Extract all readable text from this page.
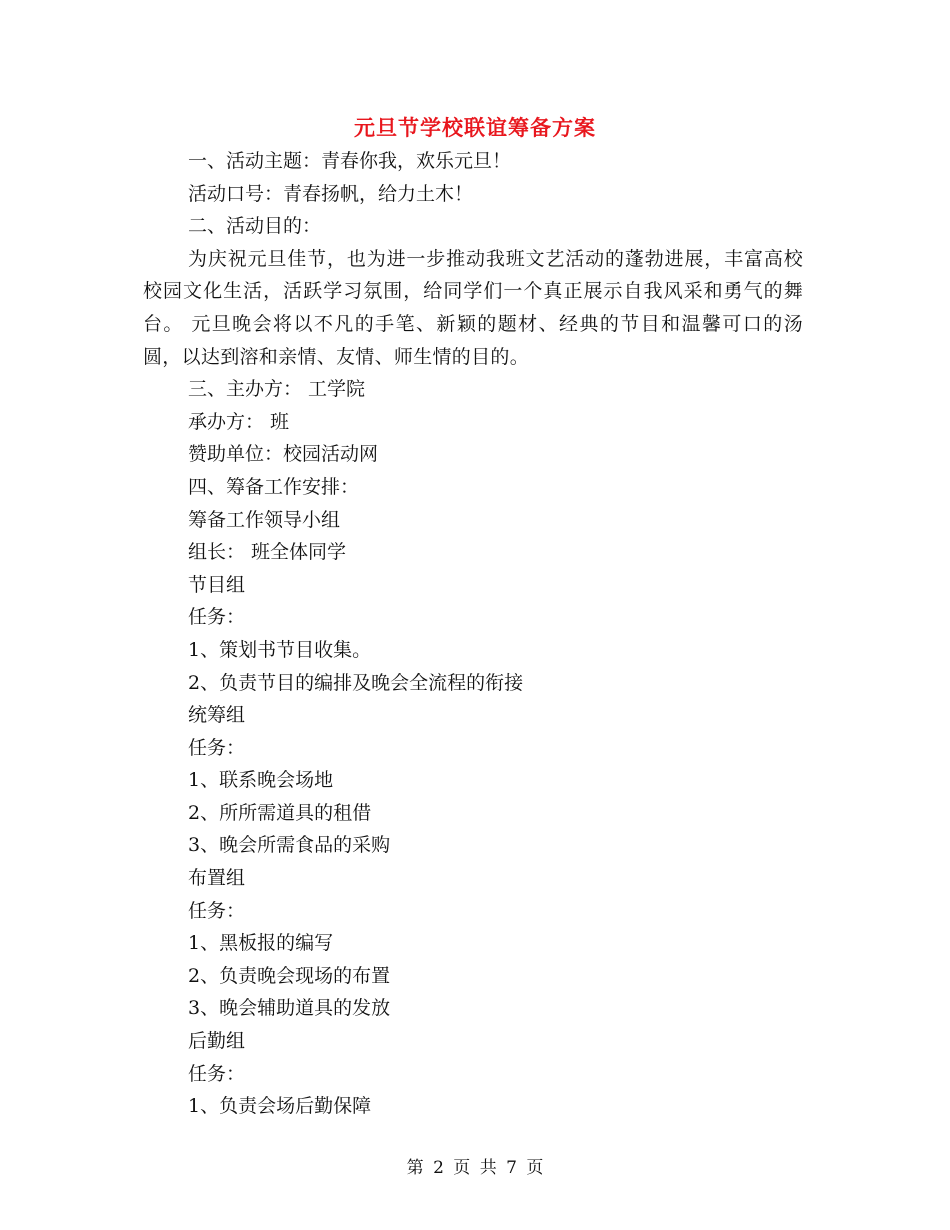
元旦节学校联谊筹备方案
一、活动主题：青春你我，欢乐元旦！
活动口号：青春扬帆，给力土木！
二、活动目的：
为庆祝元旦佳节，也为进一步推动我班文艺活动的蓬勃进展，丰富高校校园文化生活，活跃学习氛围，给同学们一个真正展示自我风采和勇气的舞台。 元旦晚会将以不凡的手笔、新颖的题材、经典的节目和温馨可口的汤圆，以达到溶和亲情、友情、师生情的目的。
三、主办方： 工学院
承办方： 班
赞助单位：校园活动网
四、筹备工作安排：
筹备工作领导小组
组长： 班全体同学
节目组
任务：
1、策划书节目收集。
2、负责节目的编排及晚会全流程的衔接
统筹组
任务：
1、联系晚会场地
2、所所需道具的租借
3、晚会所需食品的采购
布置组
任务：
1、黑板报的编写
2、负责晚会现场的布置
3、晚会辅助道具的发放
后勤组
任务：
1、负责会场后勤保障
第 2 页 共 7 页
